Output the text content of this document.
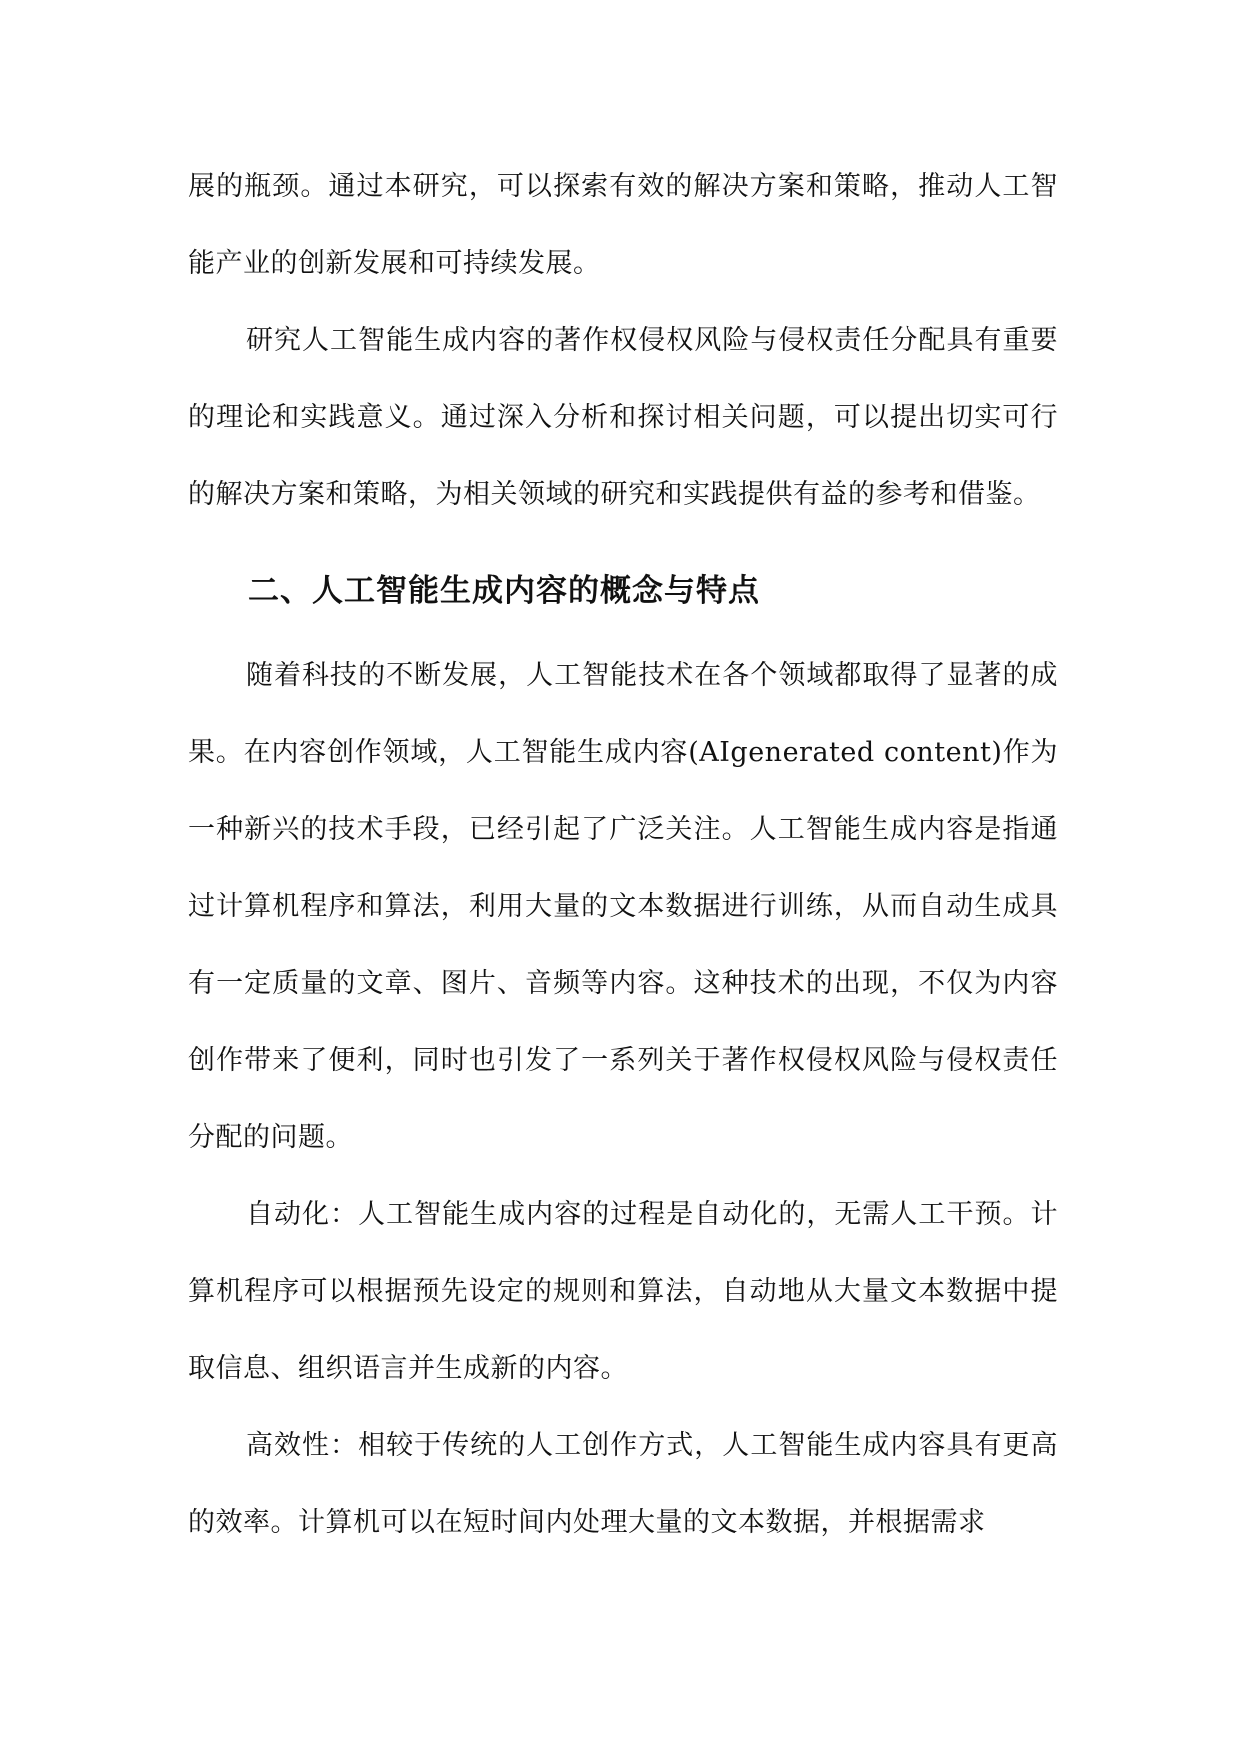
展的瓶颈。通过本研究，可以探索有效的解决方案和策略，推动人工智能产业的创新发展和可持续发展。

研究人工智能生成内容的著作权侵权风险与侵权责任分配具有重要的理论和实践意义。通过深入分析和探讨相关问题，可以提出切实可行的解决方案和策略，为相关领域的研究和实践提供有益的参考和借鉴。

二、人工智能生成内容的概念与特点

随着科技的不断发展，人工智能技术在各个领域都取得了显著的成果。在内容创作领域，人工智能生成内容(AIgenerated content)作为一种新兴的技术手段，已经引起了广泛关注。人工智能生成内容是指通过计算机程序和算法，利用大量的文本数据进行训练，从而自动生成具有一定质量的文章、图片、音频等内容。这种技术的出现，不仅为内容创作带来了便利，同时也引发了一系列关于著作权侵权风险与侵权责任分配的问题。

自动化：人工智能生成内容的过程是自动化的，无需人工干预。计算机程序可以根据预先设定的规则和算法，自动地从大量文本数据中提取信息、组织语言并生成新的内容。

高效性：相较于传统的人工创作方式，人工智能生成内容具有更高的效率。计算机可以在短时间内处理大量的文本数据，并根据需求
